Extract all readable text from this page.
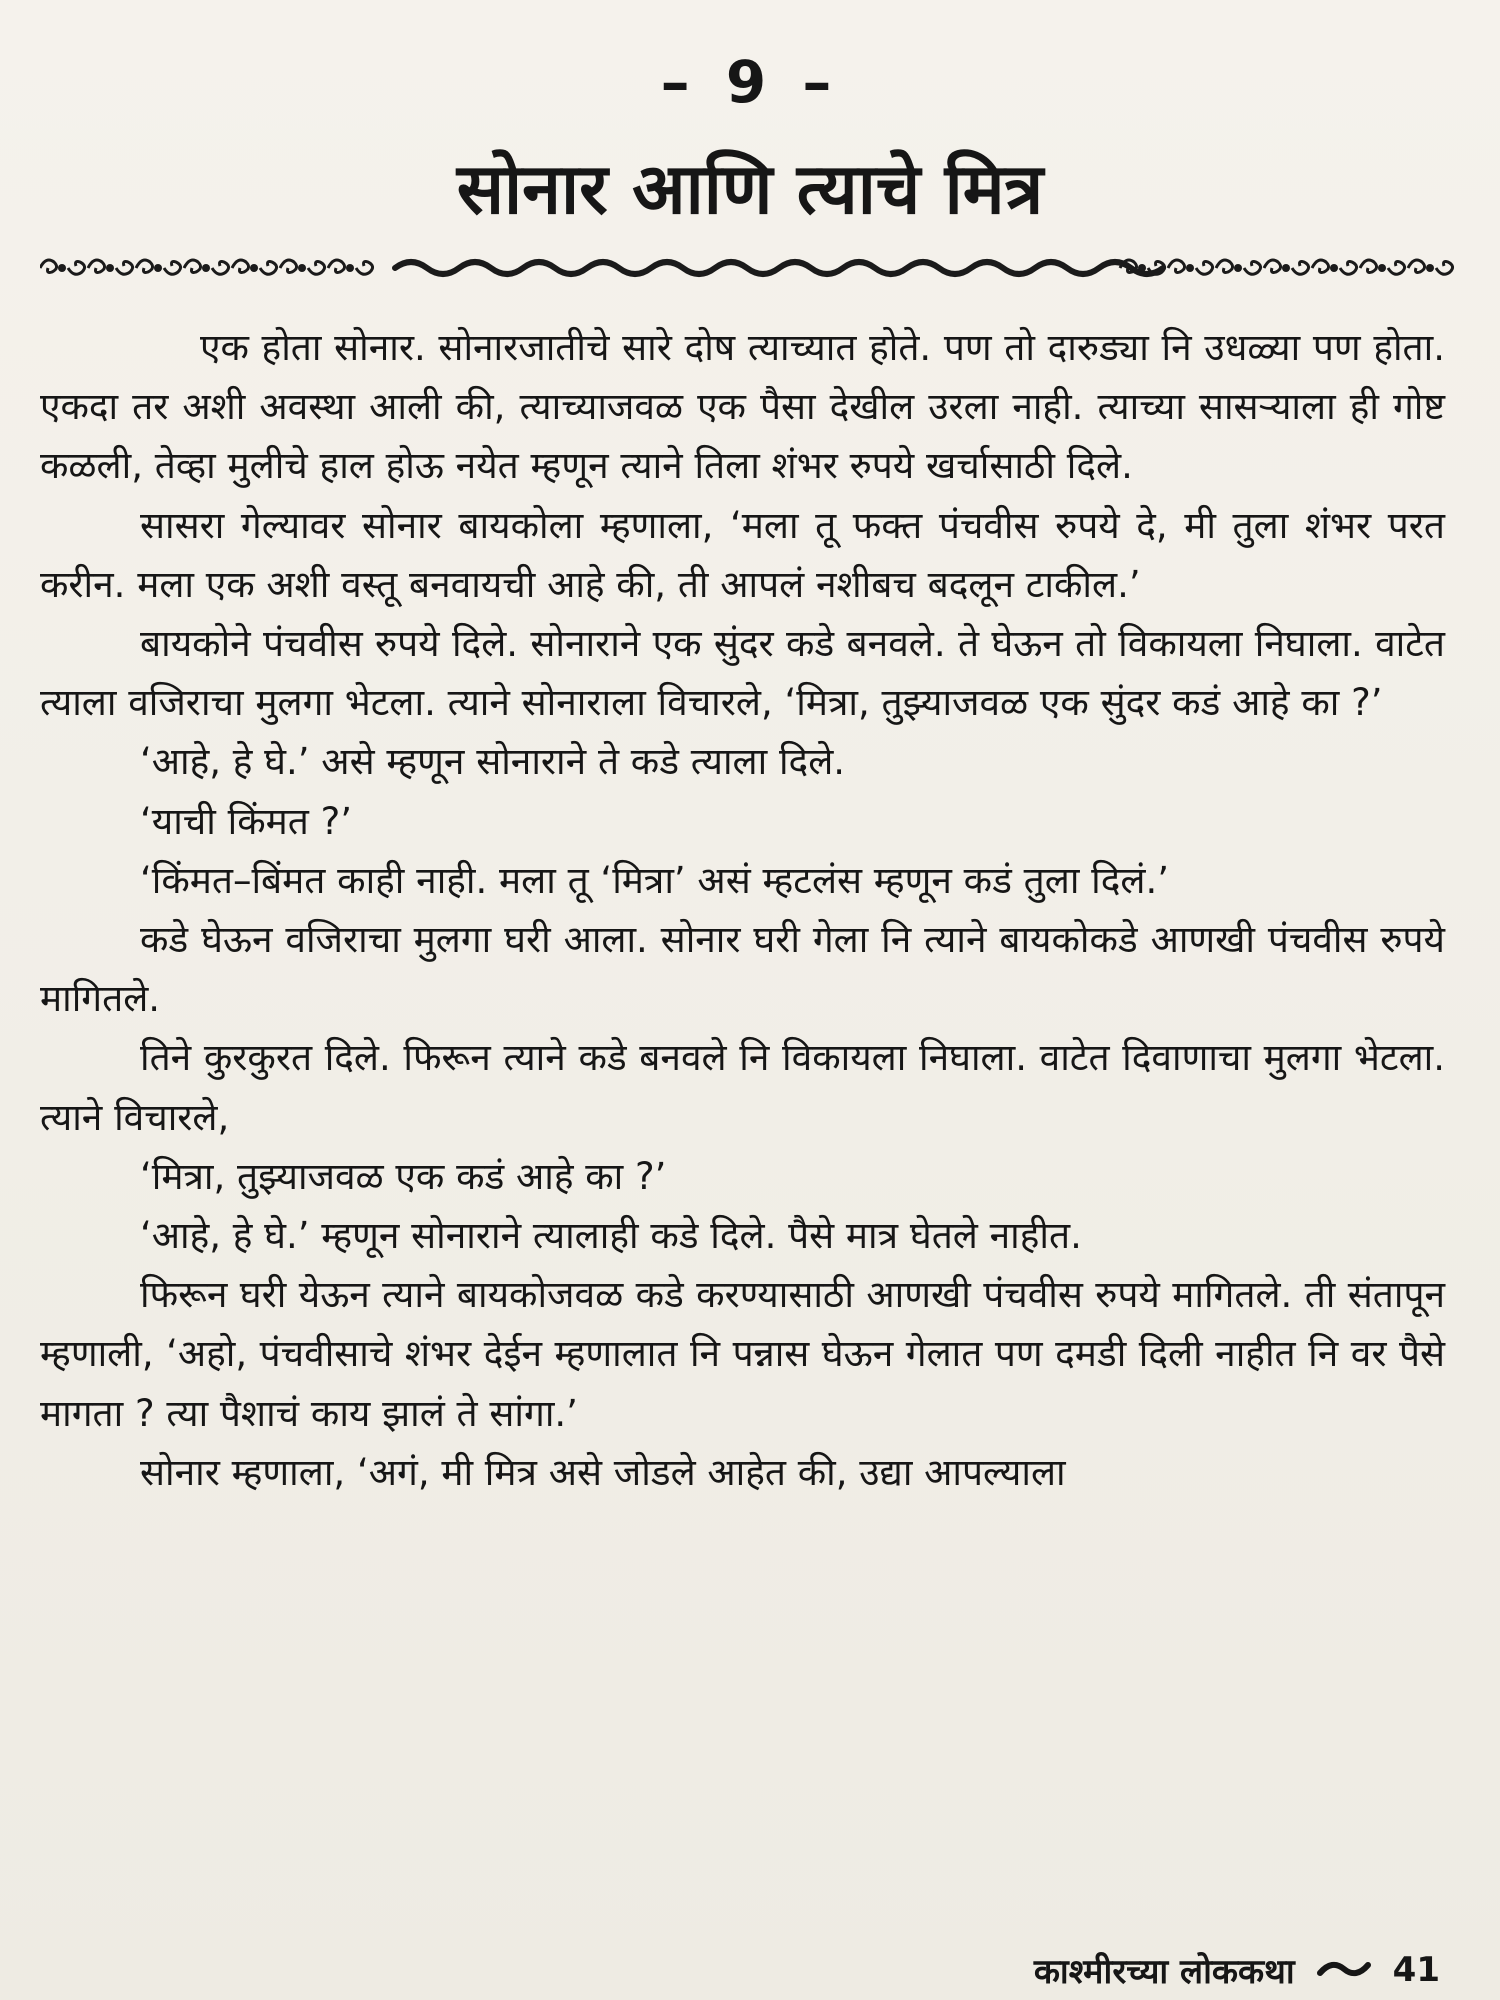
– 9 –
सोनार आणि त्याचे मित्र

एक होता सोनार. सोनारजातीचे सारे दोष त्याच्यात होते. पण तो दारुड्या नि उधळ्या पण होता. एकदा तर अशी अवस्था आली की, त्याच्याजवळ एक पैसा देखील उरला नाही. त्याच्या सासऱ्याला ही गोष्ट कळली, तेव्हा मुलीचे हाल होऊ नयेत म्हणून त्याने तिला शंभर रुपये खर्चासाठी दिले.

सासरा गेल्यावर सोनार बायकोला म्हणाला, ‘मला तू फक्त पंचवीस रुपये दे, मी तुला शंभर परत करीन. मला एक अशी वस्तू बनवायची आहे की, ती आपलं नशीबच बदलून टाकील.’

बायकोने पंचवीस रुपये दिले. सोनाराने एक सुंदर कडे बनवले. ते घेऊन तो विकायला निघाला. वाटेत त्याला वजिराचा मुलगा भेटला. त्याने सोनाराला विचारले, ‘मित्रा, तुझ्याजवळ एक सुंदर कडं आहे का ?’

‘आहे, हे घे.’ असे म्हणून सोनाराने ते कडे त्याला दिले.

‘याची किंमत ?’

‘किंमत–बिंमत काही नाही. मला तू ‘मित्रा’ असं म्हटलंस म्हणून कडं तुला दिलं.’

कडे घेऊन वजिराचा मुलगा घरी आला. सोनार घरी गेला नि त्याने बायकोकडे आणखी पंचवीस रुपये मागितले.

तिने कुरकुरत दिले. फिरून त्याने कडे बनवले नि विकायला निघाला. वाटेत दिवाणाचा मुलगा भेटला. त्याने विचारले,

‘मित्रा, तुझ्याजवळ एक कडं आहे का ?’

‘आहे, हे घे.’ म्हणून सोनाराने त्यालाही कडे दिले. पैसे मात्र घेतले नाहीत.

फिरून घरी येऊन त्याने बायकोजवळ कडे करण्यासाठी आणखी पंचवीस रुपये मागितले. ती संतापून म्हणाली, ‘अहो, पंचवीसाचे शंभर देईन म्हणालात नि पन्नास घेऊन गेलात पण दमडी दिली नाहीत नि वर पैसे मागता ? त्या पैशाचं काय झालं ते सांगा.’

सोनार म्हणाला, ‘अगं, मी मित्र असे जोडले आहेत की, उद्या आपल्याला

काश्मीरच्या लोककथा	41
